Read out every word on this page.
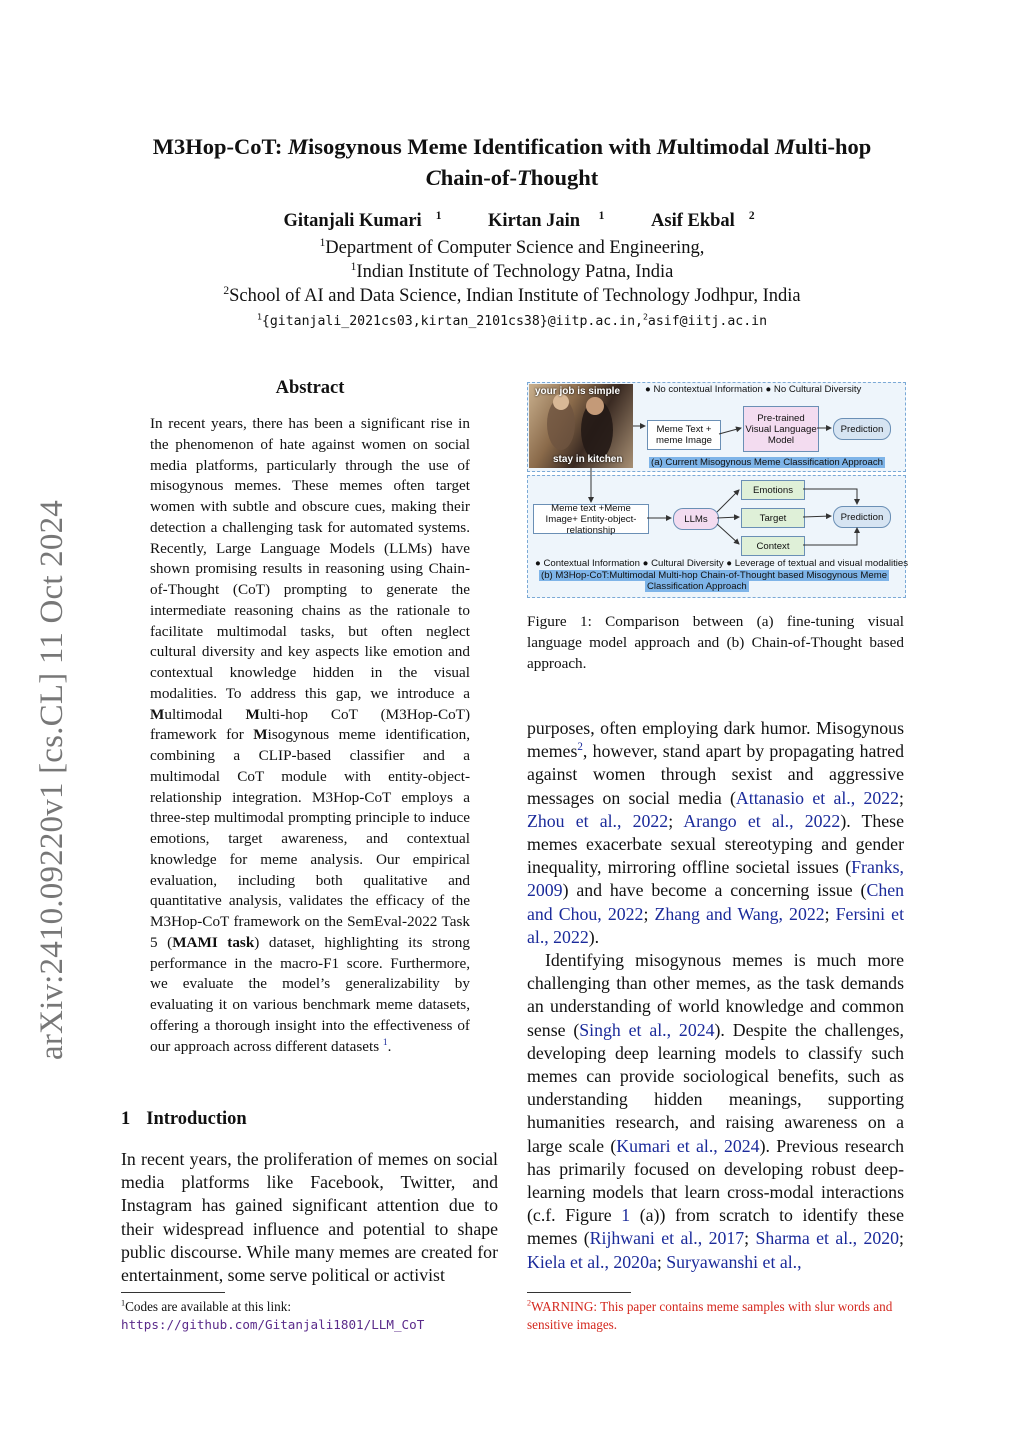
M3Hop-CoT: Misogynous Meme Identification with Multimodal Multi-hop
Chain-of-Thought
Gitanjali Kumari $^1$	Kirtan Jain $^1$	Asif Ekbal $^2$
$^1$Department of Computer Science and Engineering,
$^1$Indian Institute of Technology Patna, India
$^2$School of AI and Data Science, Indian Institute of Technology Jodhpur, India
$^1${gitanjali_2021cs03,kirtan_2101cs38}@iitp.ac.in,$^2$asif@iitj.ac.in
arXiv:2410.09220v1 [cs.CL] 11 Oct 2024
Abstract
In recent years, there has been a significant rise in the phenomenon of hate against women on social media platforms, particularly through the use of misogynous memes. These memes often target women with subtle and obscure cues, making their detection a challenging task for automated systems. Recently, Large Language Models (LLMs) have shown promising results in reasoning using Chain-of-Thought (CoT) prompting to generate the intermediate reasoning chains as the rationale to facilitate multimodal tasks, but often neglect cultural diversity and key aspects like emotion and contextual knowledge hidden in the visual modalities. To address this gap, we introduce a Multimodal Multi-hop CoT (M3Hop-CoT) framework for Misogynous meme identification, combining a CLIP-based classifier and a multimodal CoT module with entity-object-relationship integration. M3Hop-CoT employs a three-step multimodal prompting principle to induce emotions, target awareness, and contextual knowledge for meme analysis. Our empirical evaluation, including both qualitative and quantitative analysis, validates the efficacy of the M3Hop-CoT framework on the SemEval-2022 Task 5 (MAMI task) dataset, highlighting its strong performance in the macro-F1 score. Furthermore, we evaluate the model’s generalizability by evaluating it on various benchmark meme datasets, offering a thorough insight into the effectiveness of our approach across different datasets $^1$.
1 Introduction
In recent years, the proliferation of memes on social media platforms like Facebook, Twitter, and Instagram has gained significant attention due to their widespread influence and potential to shape public discourse. While many memes are created for entertainment, some serve political or activist
$^1$Codes are available at this link: https://github.com/Gitanjali1801/LLM_CoT
your job is simple
stay in kitchen
● No contextual Information ● No Cultural Diversity
Meme Text + meme Image
Pre-trained Visual Language Model
Prediction
(a) Current Misogynous Meme Classification Approach
Meme text +Meme Image+ Entity-object-relationship
LLMs
Emotions
Target
Context
Prediction
● Contextual Information ● Cultural Diversity ● Leverage of textual and visual modalities
(b) M3Hop-CoT:Multimodal Multi-hop Chain-of-Thought based Misogynous Meme
Classification Approach
Figure 1: Comparison between (a) fine-tuning visual language model approach and (b) Chain-of-Thought based approach.

purposes, often employing dark humor. Misogynous memes$^2$, however, stand apart by propagating hatred against women through sexist and aggressive messages on social media (Attanasio et al., 2022; Zhou et al., 2022; Arango et al., 2022). These memes exacerbate sexual stereotyping and gender inequality, mirroring offline societal issues (Franks, 2009) and have become a concerning issue (Chen and Chou, 2022; Zhang and Wang, 2022; Fersini et al., 2022).

Identifying misogynous memes is much more challenging than other memes, as the task demands an understanding of world knowledge and common sense (Singh et al., 2024). Despite the challenges, developing deep learning models to classify such memes can provide sociological benefits, such as understanding hidden meanings, supporting humanities research, and raising awareness on a large scale (Kumari et al., 2024). Previous research has primarily focused on developing robust deep-learning models that learn cross-modal interactions (c.f. Figure 1 (a)) from scratch to identify these memes (Rijhwani et al., 2017; Sharma et al., 2020; Kiela et al., 2020a; Suryawanshi et al.,

$^2$WARNING: This paper contains meme samples with slur words and sensitive images.
